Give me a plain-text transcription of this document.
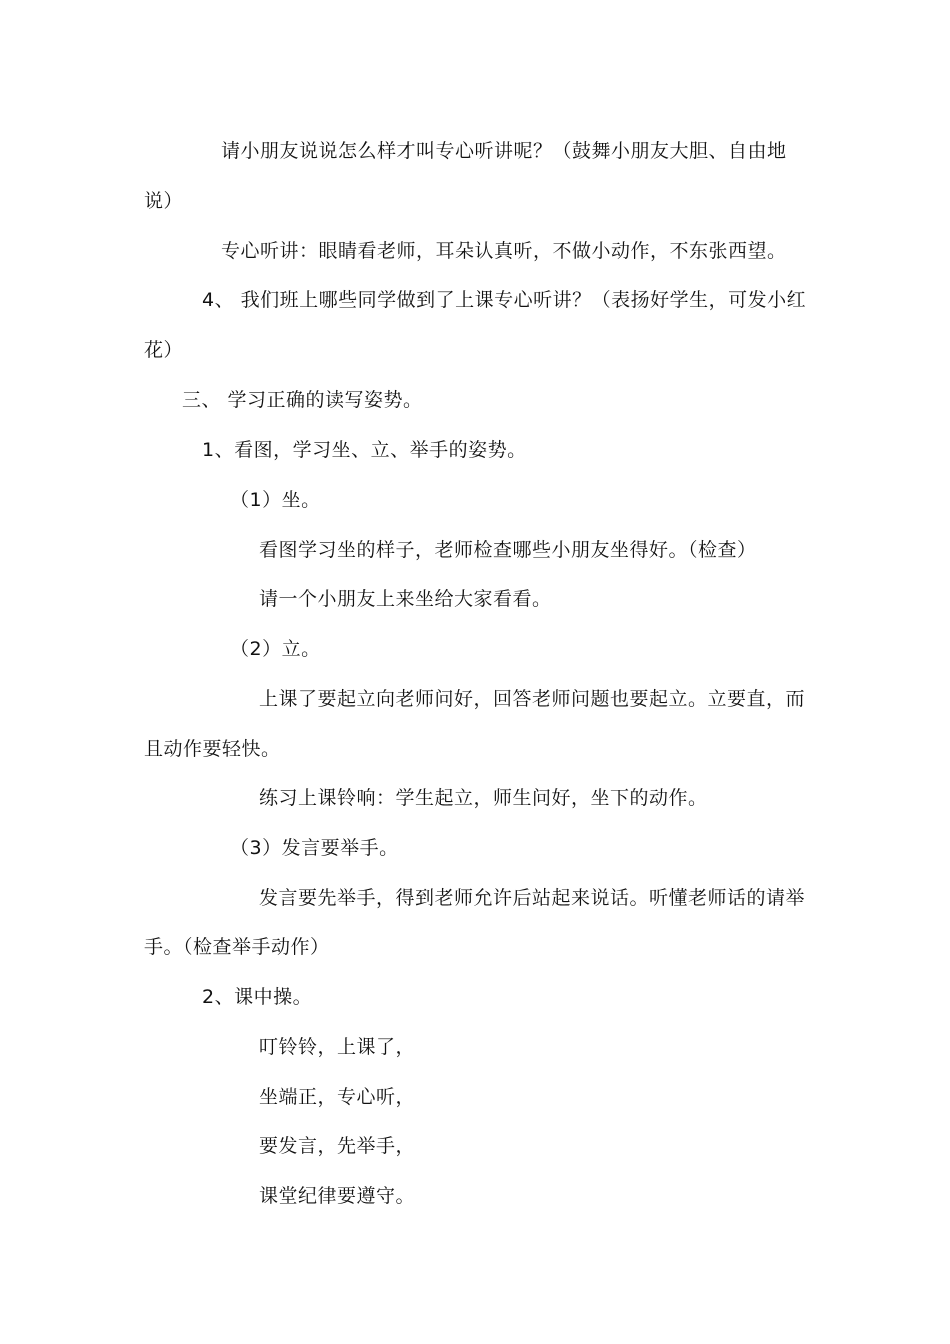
请小朋友说说怎么样才叫专心听讲呢？（鼓舞小朋友大胆、自由地
说）
专心听讲：眼睛看老师，耳朵认真听，不做小动作，不东张西望。
4、 我们班上哪些同学做到了上课专心听讲？（表扬好学生，可发小红
花）
三、 学习正确的读写姿势。
1、看图，学习坐、立、举手的姿势。
（1）坐。
看图学习坐的样子，老师检查哪些小朋友坐得好。（检查）
请一个小朋友上来坐给大家看看。
（2）立。
上课了要起立向老师问好，回答老师问题也要起立。立要直，而
且动作要轻快。
练习上课铃响：学生起立，师生问好，坐下的动作。
（3）发言要举手。
发言要先举手，得到老师允许后站起来说话。听懂老师话的请举
手。（检查举手动作）
2、课中操。
叮铃铃，上课了，
坐端正，专心听，
要发言，先举手，
课堂纪律要遵守。
